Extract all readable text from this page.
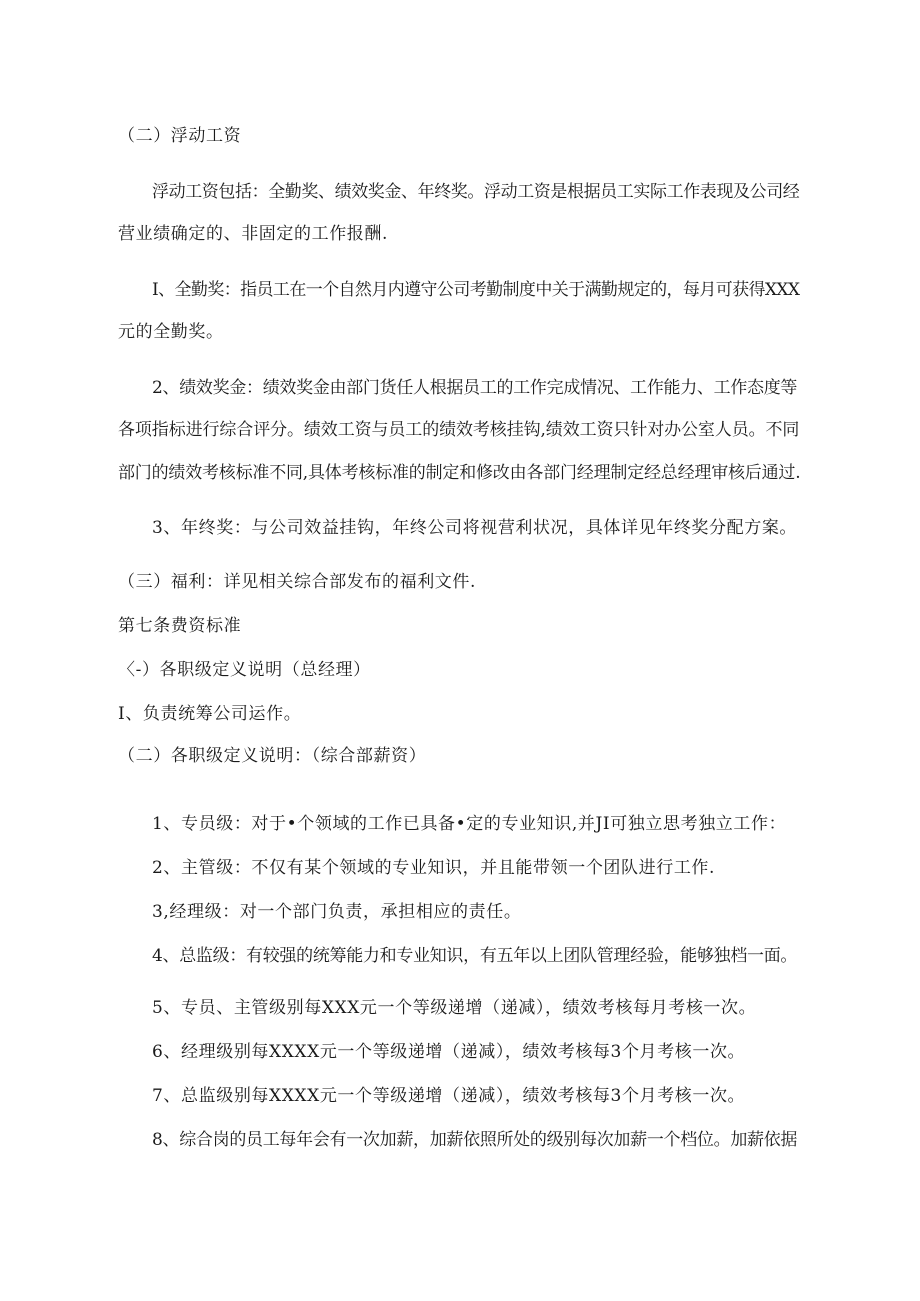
（二）浮动工资
浮动工资包括：全勤奖、绩效奖金、年终奖。浮动工资是根据员工实际工作表现及公司经
营业绩确定的、非固定的工作报酬.
I、全勤奖：指员工在一个自然月内遵守公司考勤制度中关于满勤规定的，每月可获得XXX
元的全勤奖。
2、绩效奖金：绩效奖金由部门货任人根据员工的工作完成情况、工作能力、工作态度等
各项指标进行综合评分。绩效工资与员工的绩效考核挂钩,绩效工资只针对办公室人员。不同
部门的绩效考核标准不同,具体考核标准的制定和修改由各部门经理制定经总经理审核后通过.
3、年终奖：与公司效益挂钩，年终公司将视营利状况，具体详见年终奖分配方案。
（三）福利：详见相关综合部发布的福利文件.
第七条费资标准
〈-）各职级定义说明（总经理）
I、负责统筹公司运作。
（二）各职级定义说明：（综合部薪资）
1、专员级：对于•个领域的工作已具备•定的专业知识,并JI可独立思考独立工作：
2、主管级：不仅有某个领域的专业知识，并且能带领一个团队进行工作.
3,经理级：对一个部门负责，承担相应的责任。
4、总监级：有较强的统筹能力和专业知识，有五年以上团队管理经验，能够独档一面。
5、专员、主管级别每XXX元一个等级递增（递减），绩效考核每月考核一次。
6、经理级别每XXXX元一个等级递增（递减），绩效考核每3个月考核一次。
7、总监级别每XXXX元一个等级递增（递减），绩效考核每3个月考核一次。
8、综合岗的员工每年会有一次加薪，加薪依照所处的级别每次加薪一个档位。加薪依据
